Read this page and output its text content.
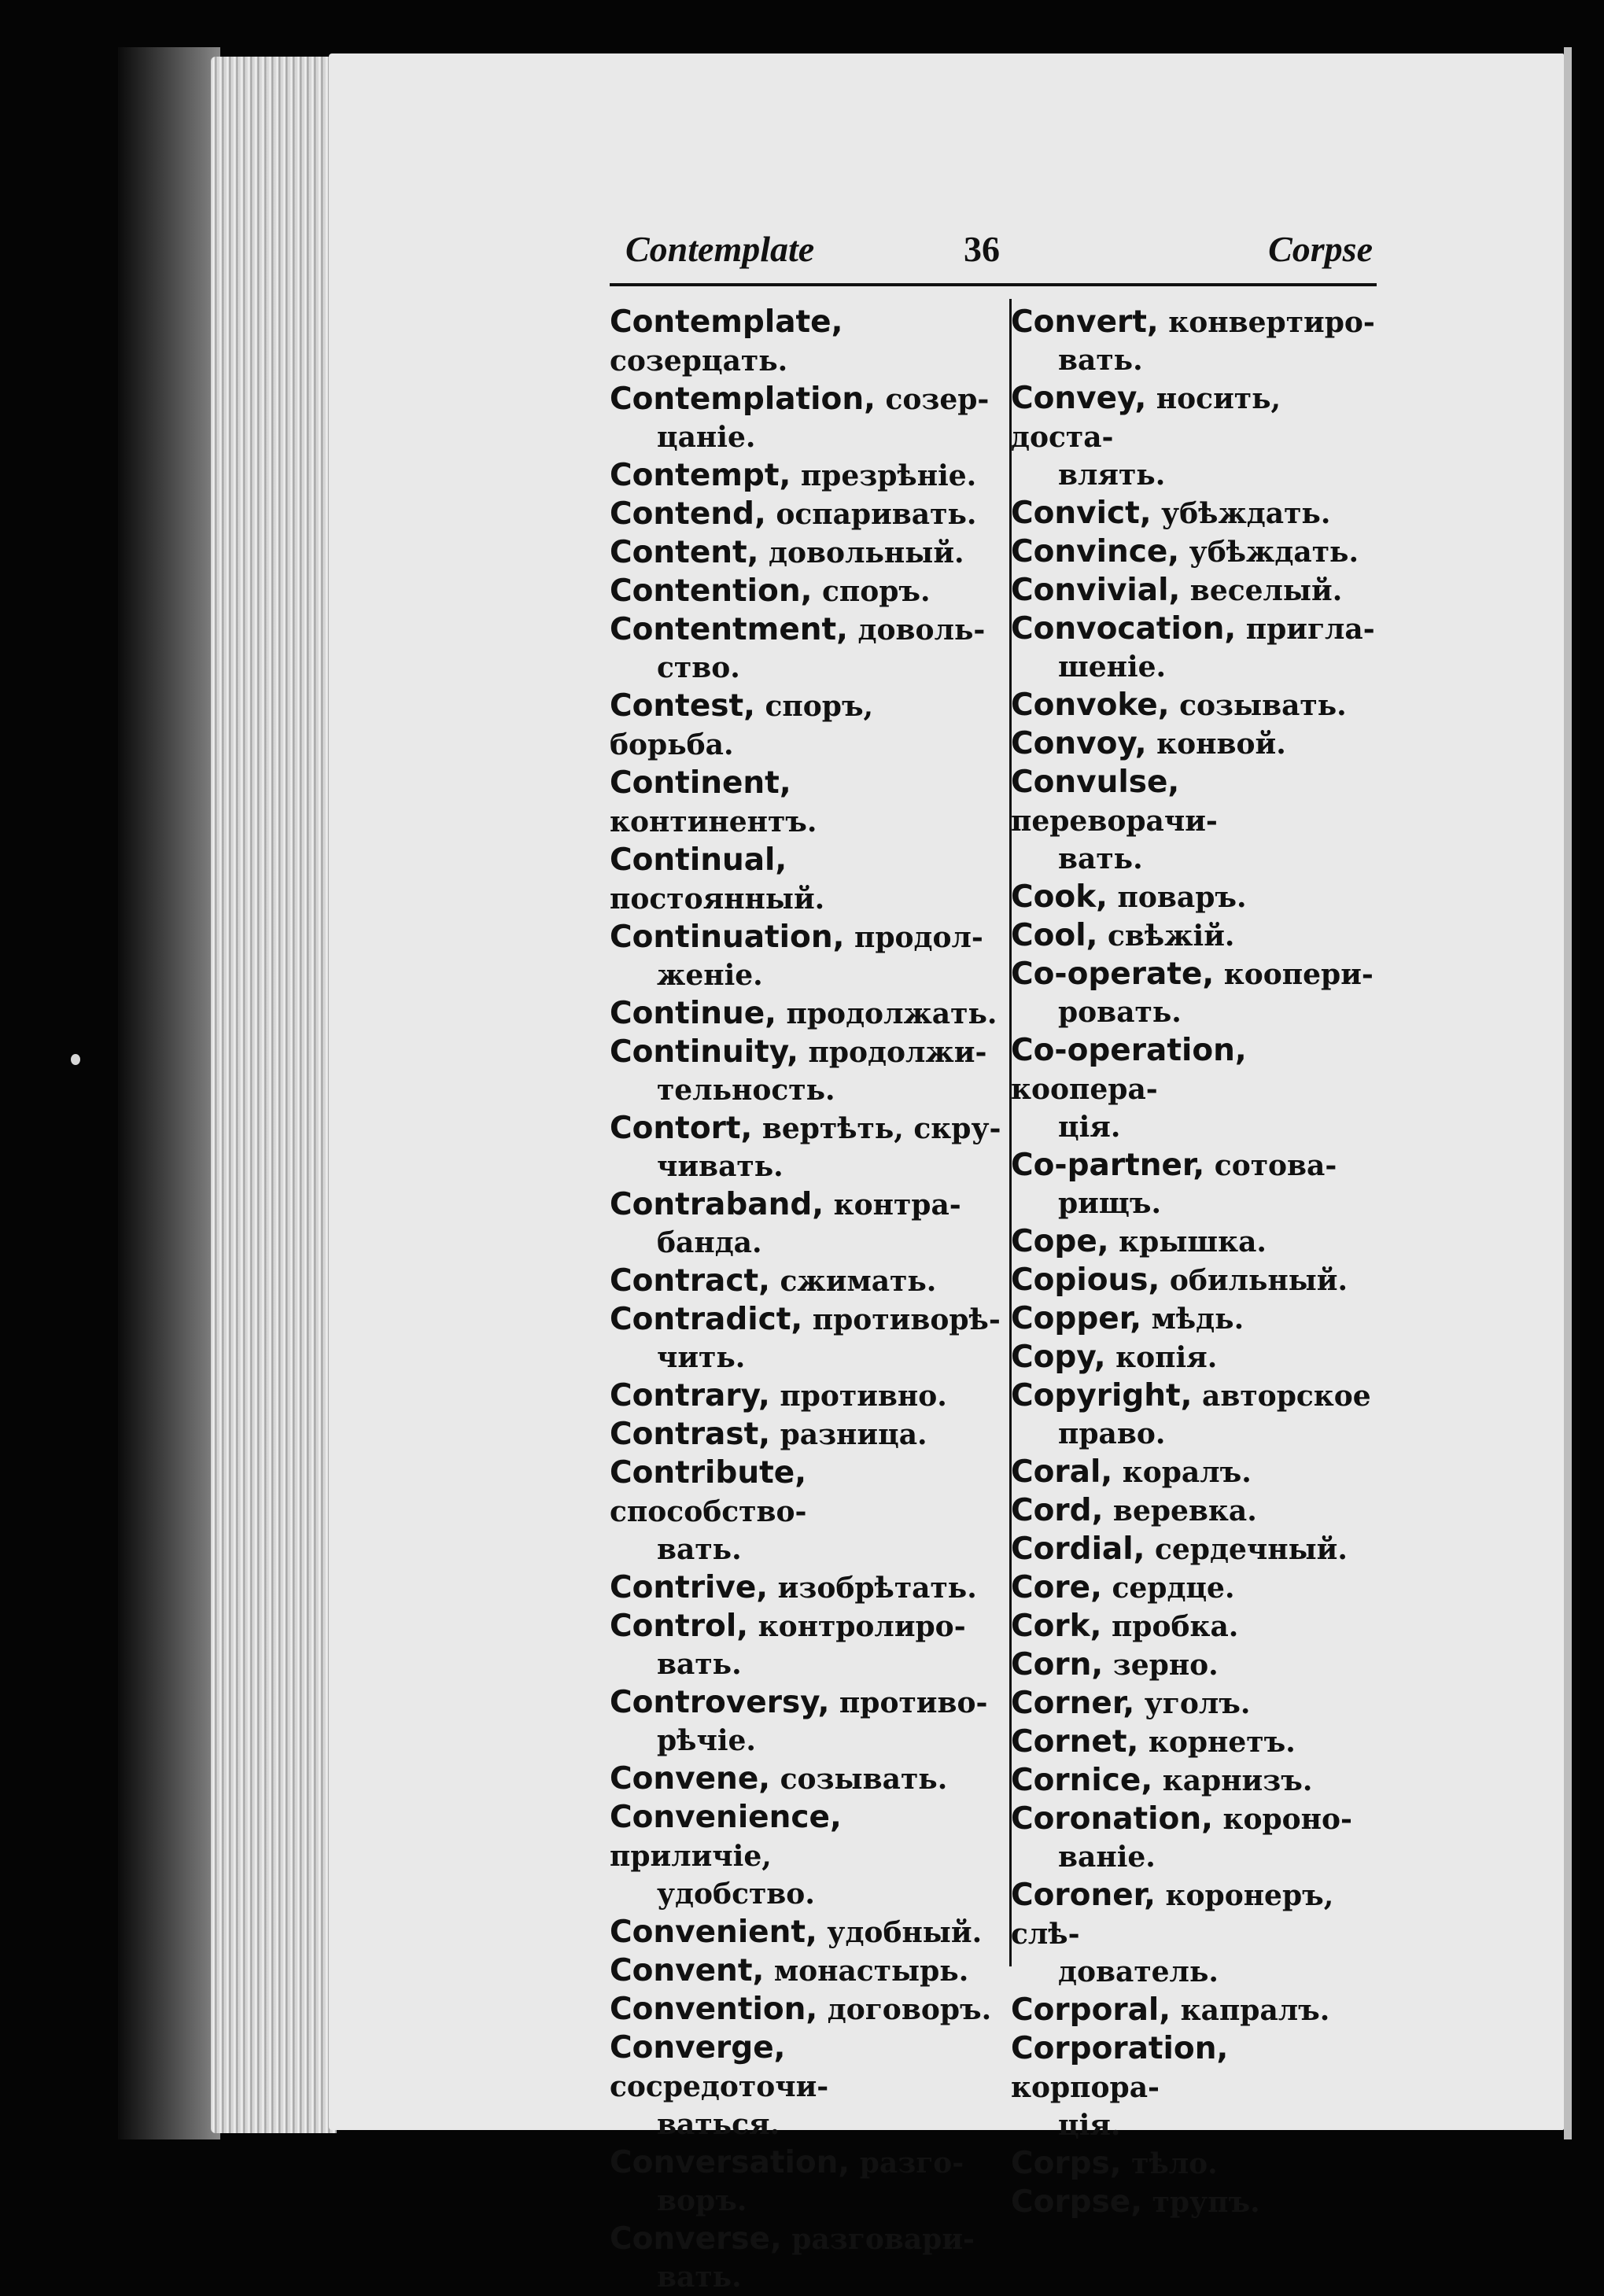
Contemplate	36	Corpse
Contemplate, созерцать.
Contemplation, созер-
цаніе.
Contempt, презрѣніе.
Contend, оспаривать.
Content, довольный.
Contention, споръ.
Contentment, доволь-
ство.
Contest, споръ, борьба.
Continent, континентъ.
Continual, постоянный.
Continuation, продол-
женіе.
Continue, продолжать.
Continuity, продолжи-
тельность.
Contort, вертѣть, скру-
чивать.
Contraband, контра-
банда.
Contract, сжимать.
Contradict, противорѣ-
чить.
Contrary, противно.
Contrast, разница.
Contribute, способство-
вать.
Contrive, изобрѣтать.
Control, контролиро-
вать.
Controversy, противо-
рѣчіе.
Convene, созывать.
Convenience, приличіе,
удобство.
Convenient, удобный.
Convent, монастырь.
Convention, договоръ.
Converge, сосредоточи-
ваться.
Conversation, разго-
воръ.
Converse, разговари-
вать.
Convert, конвертиро-
вать.
Convey, носить, доста-
влять.
Convict, убѣждать.
Convince, убѣждать.
Convivial, веселый.
Convocation, пригла-
шеніе.
Convoke, созывать.
Convoy, конвой.
Convulse, переворачи-
вать.
Cook, поваръ.
Cool, свѣжій.
Co-operate, коопери-
ровать.
Co-operation, коопера-
ція.
Co-partner, сотова-
рищъ.
Cope, крышка.
Copious, обильный.
Copper, мѣдь.
Copy, копія.
Copyright, авторское
право.
Coral, коралъ.
Cord, веревка.
Cordial, сердечный.
Core, сердце.
Cork, пробка.
Corn, зерно.
Corner, уголъ.
Cornet, корнетъ.
Cornice, карнизъ.
Coronation, короно-
ваніе.
Coroner, коронеръ, слѣ-
дователь.
Corporal, капралъ.
Corporation, корпора-
ція.
Corps, тѣло.
Corpse, трупъ.
